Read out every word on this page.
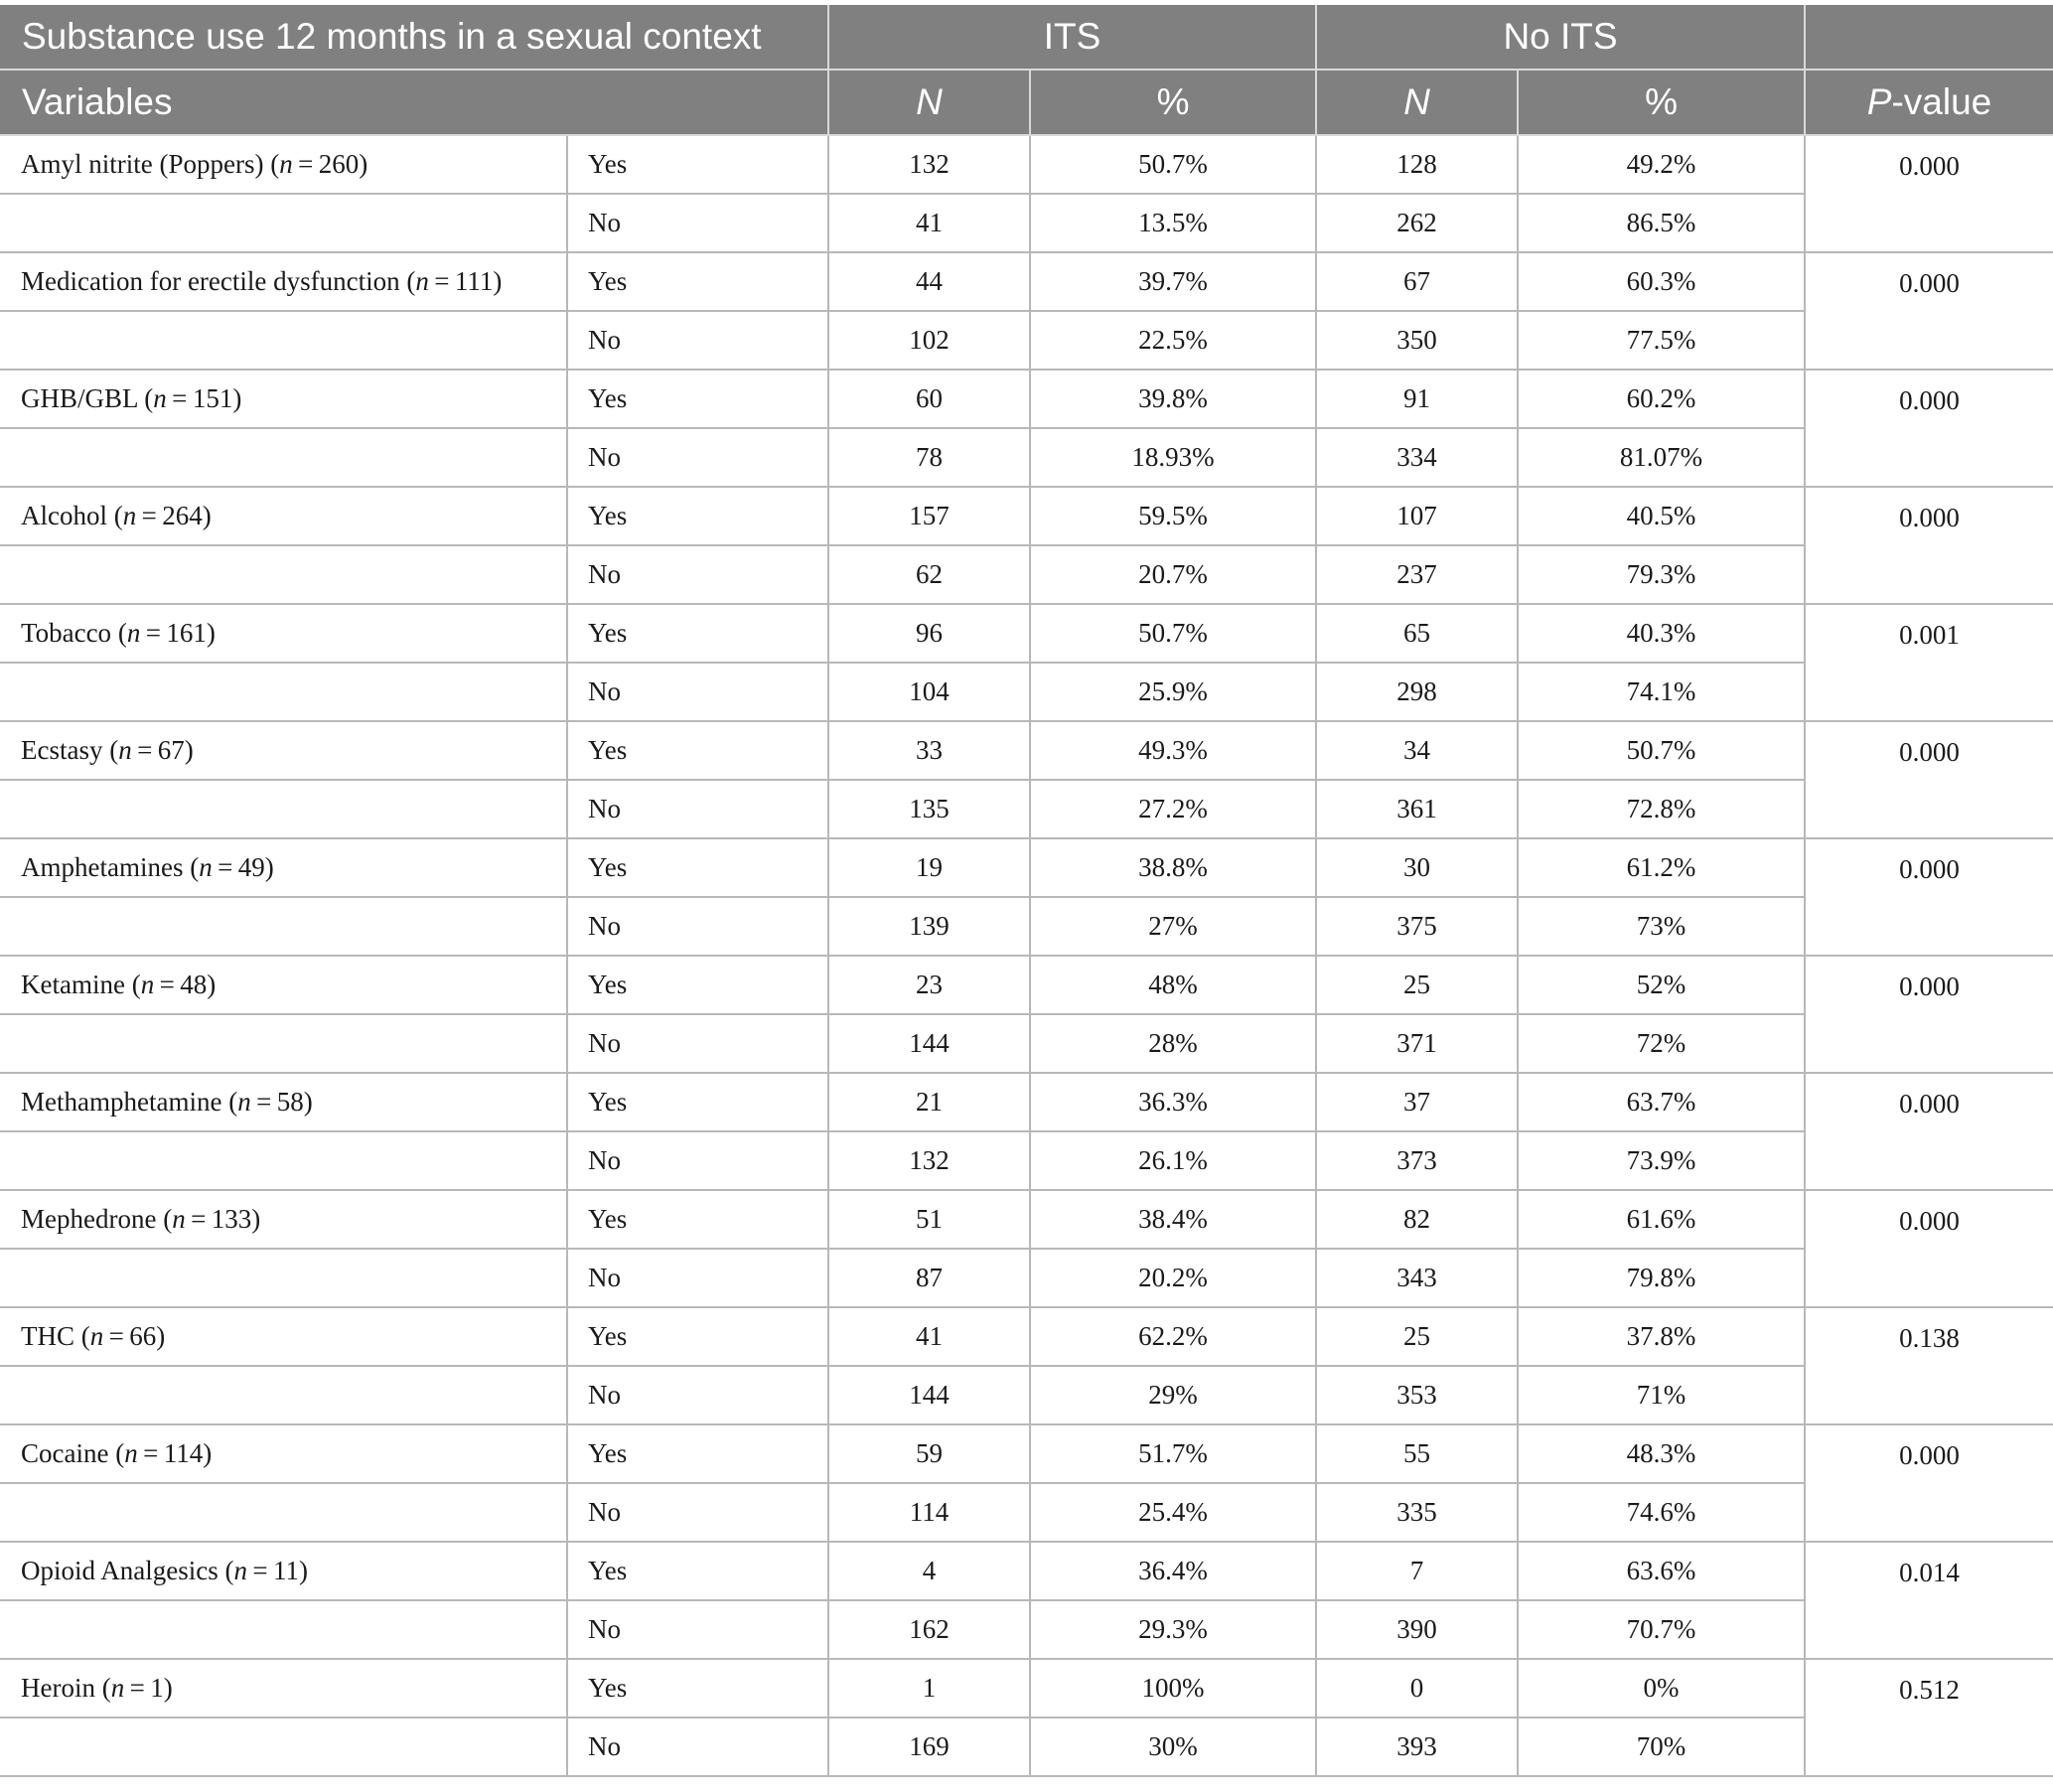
Substance use 12 months in a sexual context		ITS		No ITS		
Variables		N	%	N	%	P-value
Amyl nitrite (Poppers) (n = 260)	Yes	132	50.7%	128	49.2%	0.000
	No	41	13.5%	262	86.5%	
Medication for erectile dysfunction (n = 111)	Yes	44	39.7%	67	60.3%	0.000
	No	102	22.5%	350	77.5%	
GHB/GBL (n = 151)	Yes	60	39.8%	91	60.2%	0.000
	No	78	18.93%	334	81.07%	
Alcohol (n = 264)	Yes	157	59.5%	107	40.5%	0.000
	No	62	20.7%	237	79.3%	
Tobacco (n = 161)	Yes	96	50.7%	65	40.3%	0.001
	No	104	25.9%	298	74.1%	
Ecstasy (n = 67)	Yes	33	49.3%	34	50.7%	0.000
	No	135	27.2%	361	72.8%	
Amphetamines (n = 49)	Yes	19	38.8%	30	61.2%	0.000
	No	139	27%	375	73%	
Ketamine (n = 48)	Yes	23	48%	25	52%	0.000
	No	144	28%	371	72%	
Methamphetamine (n = 58)	Yes	21	36.3%	37	63.7%	0.000
	No	132	26.1%	373	73.9%	
Mephedrone (n = 133)	Yes	51	38.4%	82	61.6%	0.000
	No	87	20.2%	343	79.8%	
THC (n = 66)	Yes	41	62.2%	25	37.8%	0.138
	No	144	29%	353	71%	
Cocaine (n = 114)	Yes	59	51.7%	55	48.3%	0.000
	No	114	25.4%	335	74.6%	
Opioid Analgesics (n = 11)	Yes	4	36.4%	7	63.6%	0.014
	No	162	29.3%	390	70.7%	
Heroin (n = 1)	Yes	1	100%	0	0%	0.512
	No	169	30%	393	70%	
